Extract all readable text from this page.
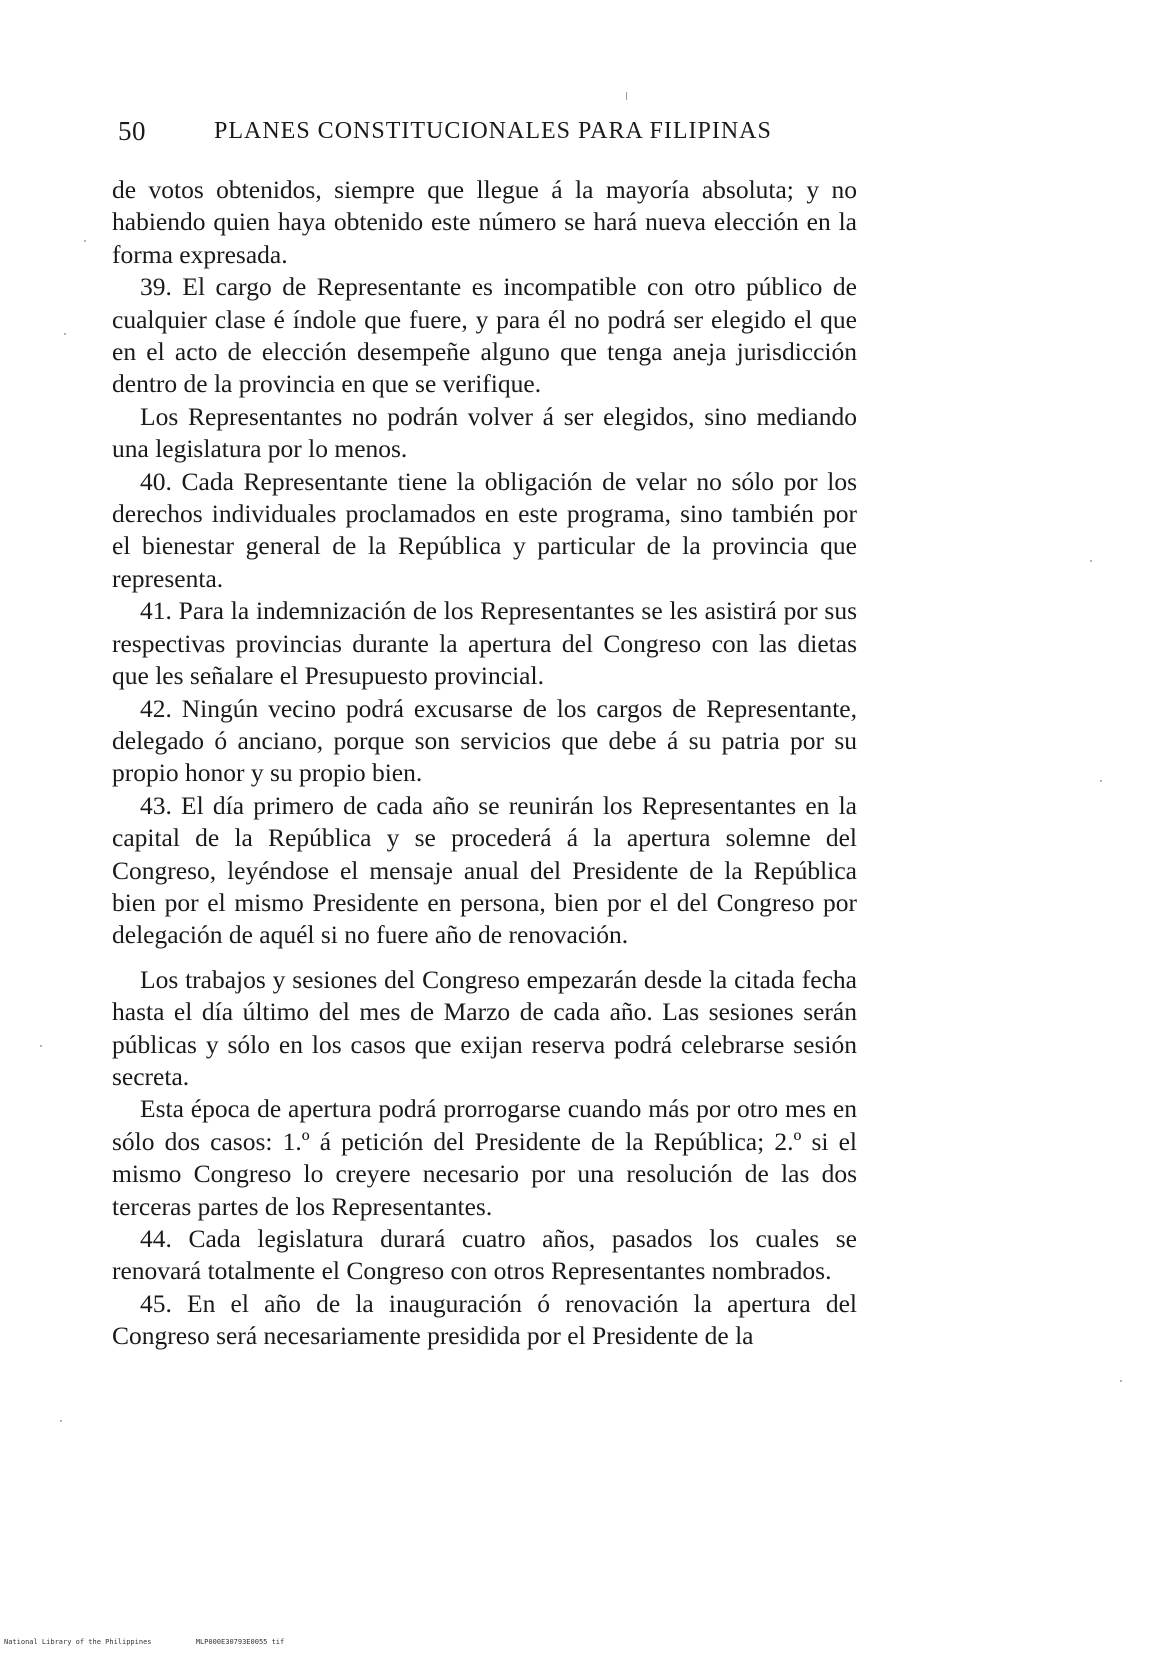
50	PLANES CONSTITUCIONALES PARA FILIPINAS

de votos obtenidos, siempre que llegue á la mayoría absoluta; y no habiendo quien haya obtenido este número se hará nueva elección en la forma expresada.

39. El cargo de Representante es incompatible con otro público de cualquier clase é índole que fuere, y para él no podrá ser elegido el que en el acto de elección desempeñe alguno que tenga aneja jurisdicción dentro de la provincia en que se verifique.

Los Representantes no podrán volver á ser elegidos, sino mediando una legislatura por lo menos.

40. Cada Representante tiene la obligación de velar no sólo por los derechos individuales proclamados en este programa, sino también por el bienestar general de la República y particular de la provincia que representa.

41. Para la indemnización de los Representantes se les asistirá por sus respectivas provincias durante la apertura del Congreso con las dietas que les señalare el Presupuesto provincial.

42. Ningún vecino podrá excusarse de los cargos de Representante, delegado ó anciano, porque son servicios que debe á su patria por su propio honor y su propio bien.

43. El día primero de cada año se reunirán los Representantes en la capital de la República y se procederá á la apertura solemne del Congreso, leyéndose el mensaje anual del Presidente de la República bien por el mismo Presidente en persona, bien por el del Congreso por delegación de aquél si no fuere año de renovación.

Los trabajos y sesiones del Congreso empezarán desde la citada fecha hasta el día último del mes de Marzo de cada año. Las sesiones serán públicas y sólo en los casos que exijan reserva podrá celebrarse sesión secreta.

Esta época de apertura podrá prorrogarse cuando más por otro mes en sólo dos casos: 1.º á petición del Presidente de la República; 2.º si el mismo Congreso lo creyere necesario por una resolución de las dos terceras partes de los Representantes.

44. Cada legislatura durará cuatro años, pasados los cuales se renovará totalmente el Congreso con otros Representantes nombrados.

45. En el año de la inauguración ó renovación la apertura del Congreso será necesariamente presidida por el Presidente de la

National Library of the Philippines	MLP000E30793E0055 tif
